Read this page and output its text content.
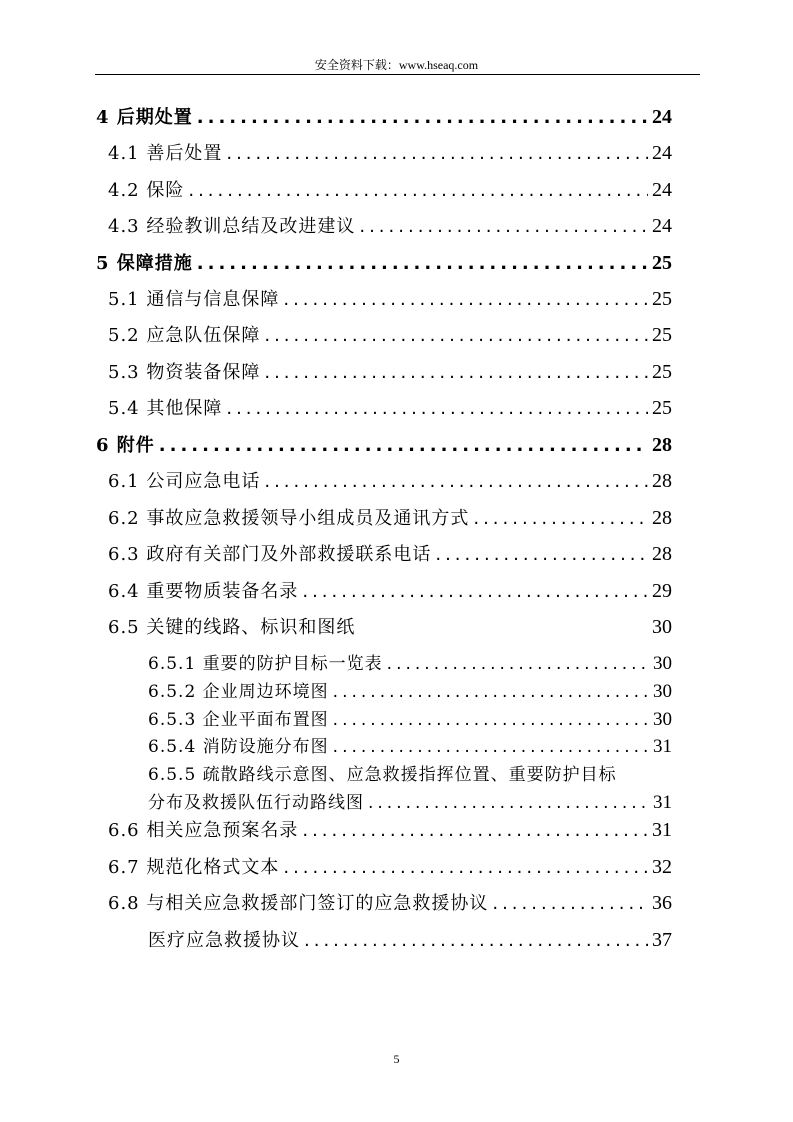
安全资料下载：www.hseaq.com
4 后期处置 .....	24
4.1 善后处置 .....	24
4.2 保险 .....	24
4.3 经验教训总结及改进建议 .....	24
5 保障措施 .....	25
5.1 通信与信息保障 .....	25
5.2 应急队伍保障 .....	25
5.3 物资装备保障 .....	25
5.4 其他保障 .....	25
6 附件 .....	28
6.1 公司应急电话 .....	28
6.2 事故应急救援领导小组成员及通讯方式 .....	28
6.3 政府有关部门及外部救援联系电话 .....	28
6.4 重要物质装备名录 .....	29
6.5 关键的线路、标识和图纸	30
6.5.1 重要的防护目标一览表 .....	30
6.5.2 企业周边环境图 .....	30
6.5.3 企业平面布置图 .....	30
6.5.4 消防设施分布图 .....	31
6.5.5 疏散路线示意图、应急救援指挥位置、重要防护目标
分布及救援队伍行动路线图 .....	31
6.6 相关应急预案名录 .....	31
6.7 规范化格式文本 .....	32
6.8 与相关应急救援部门签订的应急救援协议 .....	36
医疗应急救援协议 .....	37
5
